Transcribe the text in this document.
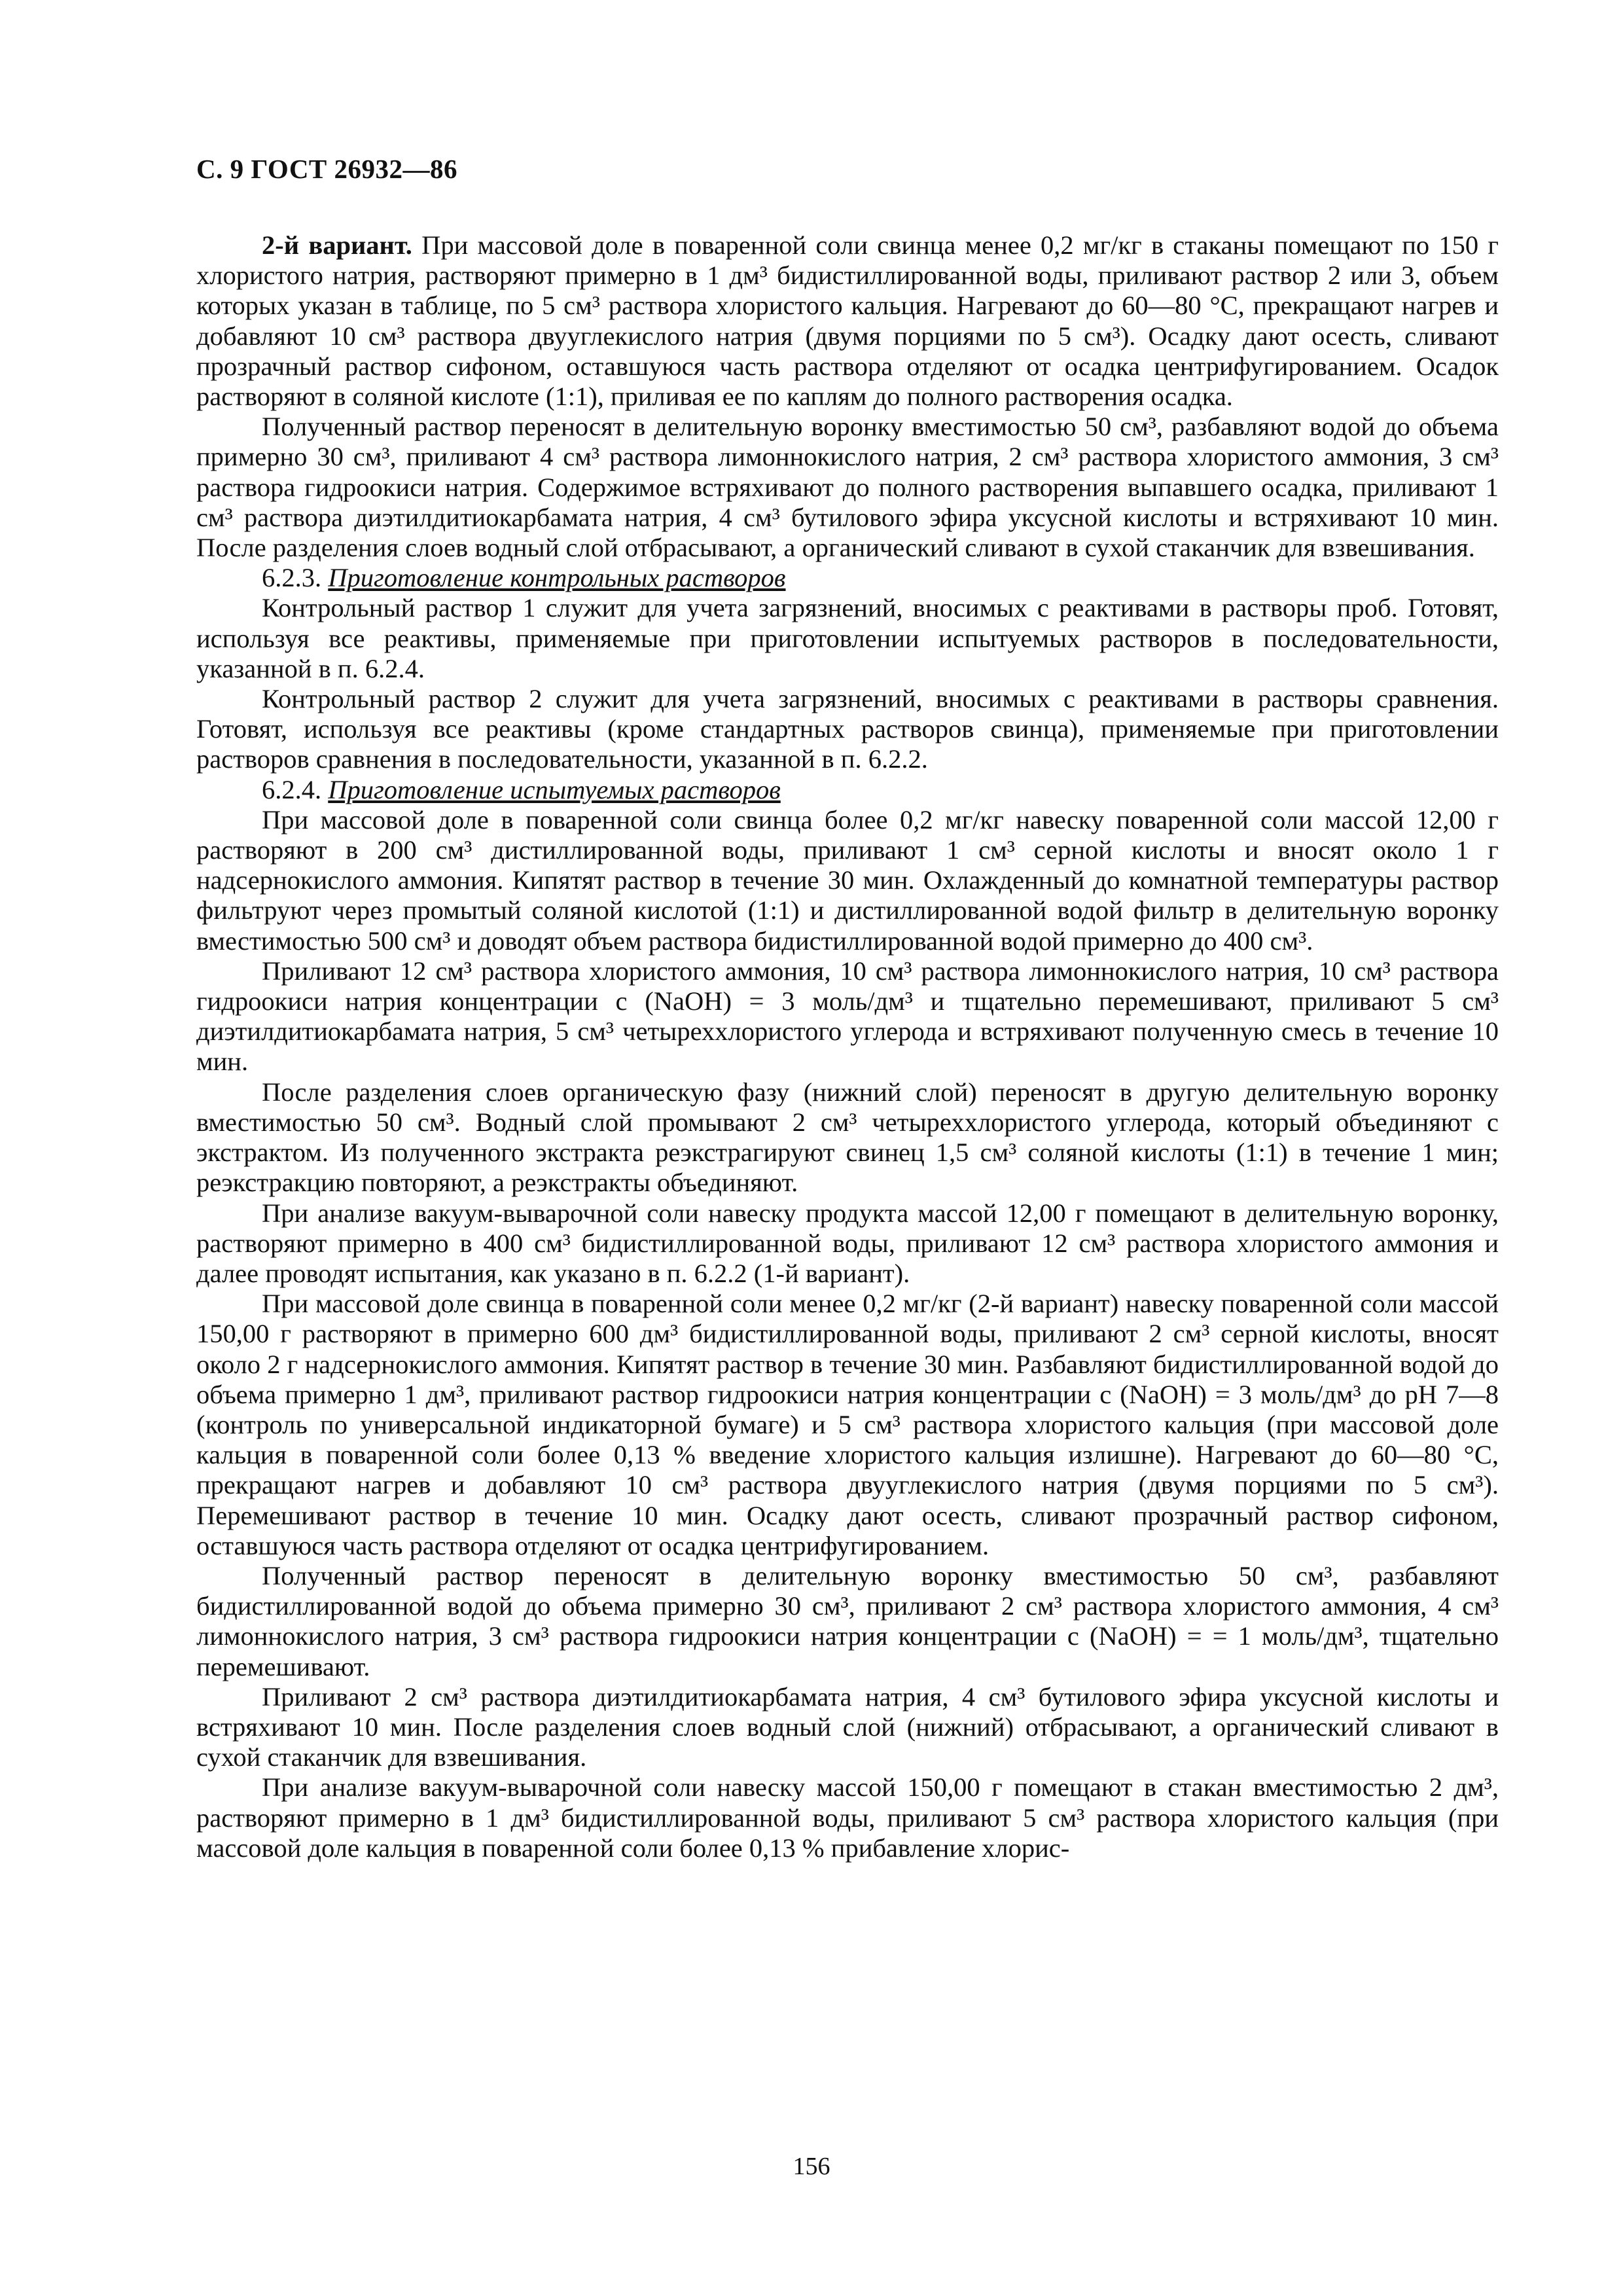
С. 9 ГОСТ 26932—86

2-й вариант. При массовой доле в поваренной соли свинца менее 0,2 мг/кг в стаканы помещают по 150 г хлористого натрия, растворяют примерно в 1 дм³ бидистиллированной воды, приливают раствор 2 или 3, объем которых указан в таблице, по 5 см³ раствора хлористого кальция. Нагревают до 60—80 °С, прекращают нагрев и добавляют 10 см³ раствора двууглекислого натрия (двумя порциями по 5 см³). Осадку дают осесть, сливают прозрачный раствор сифоном, оставшуюся часть раствора отделяют от осадка центрифугированием. Осадок растворяют в соляной кислоте (1:1), приливая ее по каплям до полного растворения осадка.

Полученный раствор переносят в делительную воронку вместимостью 50 см³, разбавляют водой до объема примерно 30 см³, приливают 4 см³ раствора лимоннокислого натрия, 2 см³ раствора хлористого аммония, 3 см³ раствора гидроокиси натрия. Содержимое встряхивают до полного растворения выпавшего осадка, приливают 1 см³ раствора диэтилдитиокарбамата натрия, 4 см³ бутилового эфира уксусной кислоты и встряхивают 10 мин. После разделения слоев водный слой отбрасывают, а органический сливают в сухой стаканчик для взвешивания.

6.2.3. Приготовление контрольных растворов

Контрольный раствор 1 служит для учета загрязнений, вносимых с реактивами в растворы проб. Готовят, используя все реактивы, применяемые при приготовлении испытуемых растворов в последовательности, указанной в п. 6.2.4.

Контрольный раствор 2 служит для учета загрязнений, вносимых с реактивами в растворы сравнения. Готовят, используя все реактивы (кроме стандартных растворов свинца), применяемые при приготовлении растворов сравнения в последовательности, указанной в п. 6.2.2.

6.2.4. Приготовление испытуемых растворов

При массовой доле в поваренной соли свинца более 0,2 мг/кг навеску поваренной соли массой 12,00 г растворяют в 200 см³ дистиллированной воды, приливают 1 см³ серной кислоты и вносят около 1 г надсернокислого аммония. Кипятят раствор в течение 30 мин. Охлажденный до комнатной температуры раствор фильтруют через промытый соляной кислотой (1:1) и дистиллированной водой фильтр в делительную воронку вместимостью 500 см³ и доводят объем раствора бидистиллированной водой примерно до 400 см³.

Приливают 12 см³ раствора хлористого аммония, 10 см³ раствора лимоннокислого натрия, 10 см³ раствора гидроокиси натрия концентрации c (NaOH) = 3 моль/дм³ и тщательно перемешивают, приливают 5 см³ диэтилдитиокарбамата натрия, 5 см³ четыреххлористого углерода и встряхивают полученную смесь в течение 10 мин.

После разделения слоев органическую фазу (нижний слой) переносят в другую делительную воронку вместимостью 50 см³. Водный слой промывают 2 см³ четыреххлористого углерода, который объединяют с экстрактом. Из полученного экстракта реэкстрагируют свинец 1,5 см³ соляной кислоты (1:1) в течение 1 мин; реэкстракцию повторяют, а реэкстракты объединяют.

При анализе вакуум-выварочной соли навеску продукта массой 12,00 г помещают в делительную воронку, растворяют примерно в 400 см³ бидистиллированной воды, приливают 12 см³ раствора хлористого аммония и далее проводят испытания, как указано в п. 6.2.2 (1-й вариант).

При массовой доле свинца в поваренной соли менее 0,2 мг/кг (2-й вариант) навеску поваренной соли массой 150,00 г растворяют в примерно 600 дм³ бидистиллированной воды, приливают 2 см³ серной кислоты, вносят около 2 г надсернокислого аммония. Кипятят раствор в течение 30 мин. Разбавляют бидистиллированной водой до объема примерно 1 дм³, приливают раствор гидроокиси натрия концентрации c (NaOH) = 3 моль/дм³ до pH 7—8 (контроль по универсальной индикаторной бумаге) и 5 см³ раствора хлористого кальция (при массовой доле кальция в поваренной соли более 0,13 % введение хлористого кальция излишне). Нагревают до 60—80 °С, прекращают нагрев и добавляют 10 см³ раствора двууглекислого натрия (двумя порциями по 5 см³). Перемешивают раствор в течение 10 мин. Осадку дают осесть, сливают прозрачный раствор сифоном, оставшуюся часть раствора отделяют от осадка центрифугированием.

Полученный раствор переносят в делительную воронку вместимостью 50 см³, разбавляют бидистиллированной водой до объема примерно 30 см³, приливают 2 см³ раствора хлористого аммония, 4 см³ лимоннокислого натрия, 3 см³ раствора гидроокиси натрия концентрации c (NaOH) = = 1 моль/дм³, тщательно перемешивают.

Приливают 2 см³ раствора диэтилдитиокарбамата натрия, 4 см³ бутилового эфира уксусной кислоты и встряхивают 10 мин. После разделения слоев водный слой (нижний) отбрасывают, а органический сливают в сухой стаканчик для взвешивания.

При анализе вакуум-выварочной соли навеску массой 150,00 г помещают в стакан вместимостью 2 дм³, растворяют примерно в 1 дм³ бидистиллированной воды, приливают 5 см³ раствора хлористого кальция (при массовой доле кальция в поваренной соли более 0,13 % прибавление хлорис-

156
